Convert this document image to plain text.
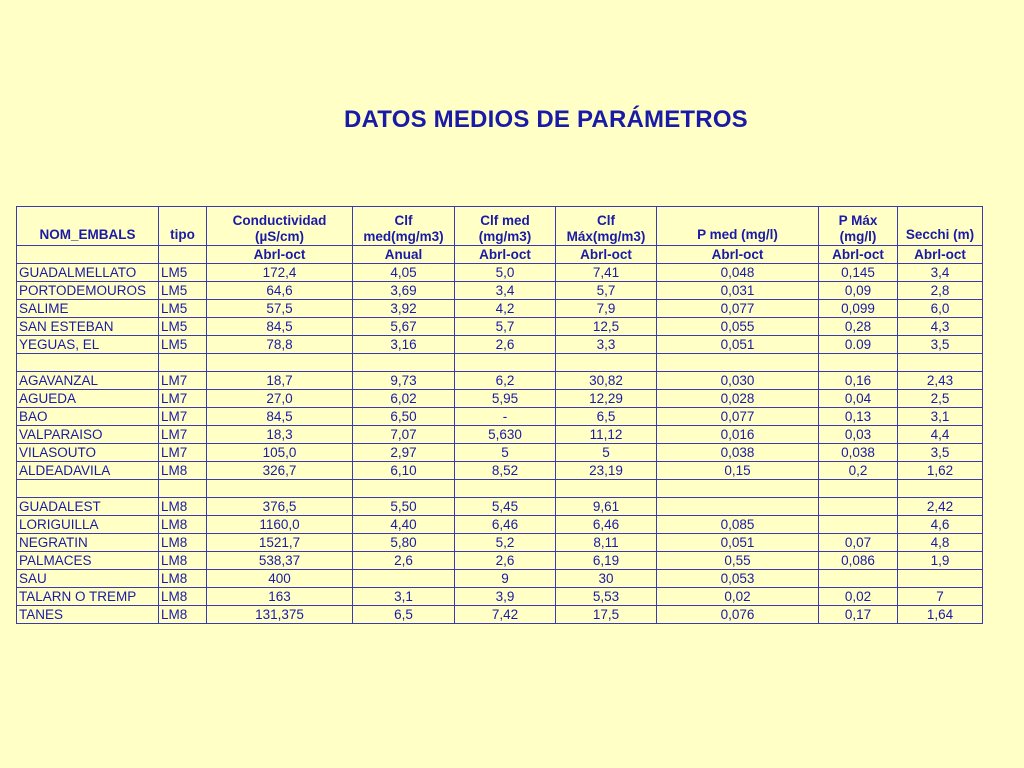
DATOS MEDIOS DE PARÁMETROS
NOM_EMBALS	tipo	Conductividad (µS/cm)	Clf med(mg/m3)	Clf med (mg/m3)	Clf Máx(mg/m3)	P med (mg/l)	P Máx (mg/l)	Secchi (m)
		Abrl-oct	Anual	Abrl-oct	Abrl-oct	Abrl-oct	Abrl-oct	Abrl-oct
GUADALMELLATO	LM5	172,4	4,05	5,0	7,41	0,048	0,145	3,4
PORTODEMOUROS	LM5	64,6	3,69	3,4	5,7	0,031	0,09	2,8
SALIME	LM5	57,5	3,92	4,2	7,9	0,077	0,099	6,0
SAN ESTEBAN	LM5	84,5	5,67	5,7	12,5	0,055	0,28	4,3
YEGUAS, EL	LM5	78,8	3,16	2,6	3,3	0,051	0.09	3,5

AGAVANZAL	LM7	18,7	9,73	6,2	30,82	0,030	0,16	2,43
AGUEDA	LM7	27,0	6,02	5,95	12,29	0,028	0,04	2,5
BAO	LM7	84,5	6,50	-	6,5	0,077	0,13	3,1
VALPARAISO	LM7	18,3	7,07	5,630	11,12	0,016	0,03	4,4
VILASOUTO	LM7	105,0	2,97	5	5	0,038	0,038	3,5
ALDEADAVILA	LM8	326,7	6,10	8,52	23,19	0,15	0,2	1,62

GUADALEST	LM8	376,5	5,50	5,45	9,61			2,42
LORIGUILLA	LM8	1160,0	4,40	6,46	6,46	0,085		4,6
NEGRATIN	LM8	1521,7	5,80	5,2	8,11	0,051	0,07	4,8
PALMACES	LM8	538,37	2,6	2,6	6,19	0,55	0,086	1,9
SAU	LM8	400		9	30	0,053		
TALARN O TREMP	LM8	163	3,1	3,9	5,53	0,02	0,02	7
TANES	LM8	131,375	6,5	7,42	17,5	0,076	0,17	1,64
